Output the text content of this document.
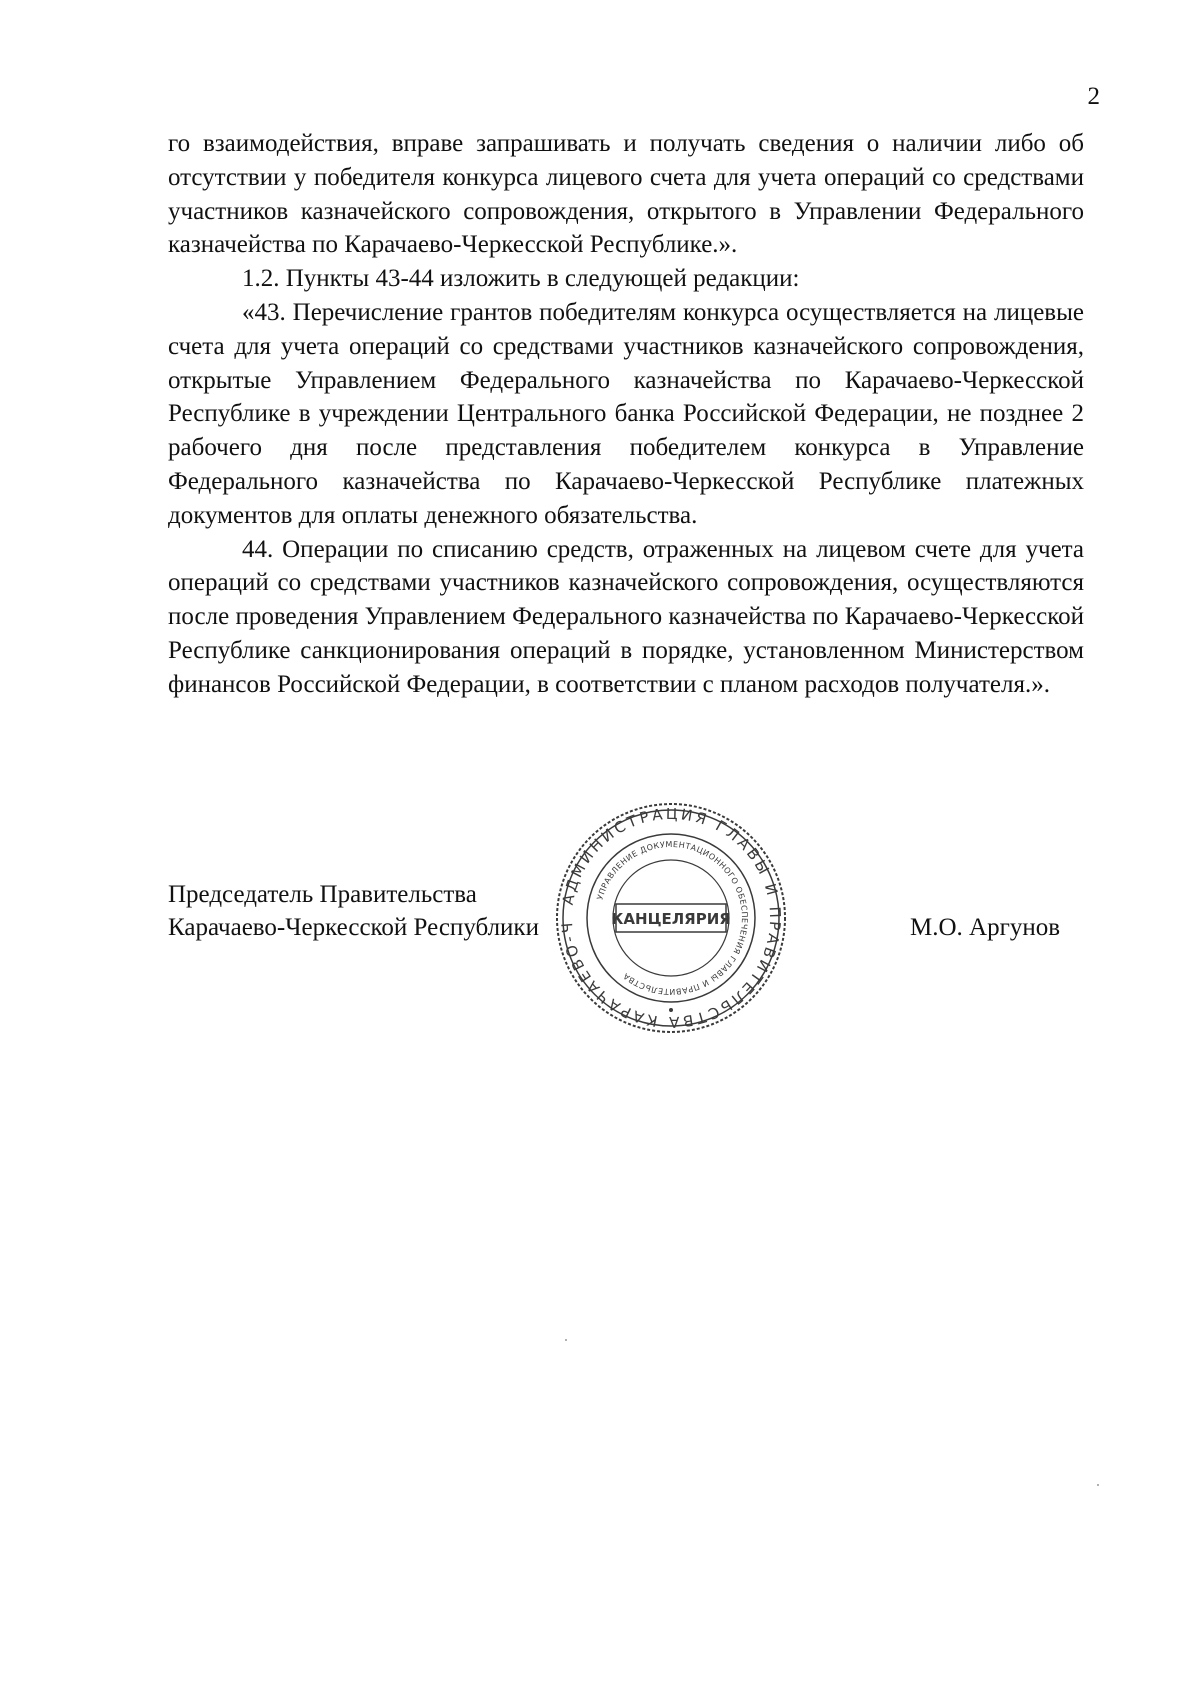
2

го взаимодействия, вправе запрашивать и получать сведения о наличии либо об отсутствии у победителя конкурса лицевого счета для учета операций со средствами участников казначейского сопровождения, открытого в Управлении Федерального казначейства по Карачаево-Черкесской Республике.».

1.2. Пункты 43-44 изложить в следующей редакции:

«43. Перечисление грантов победителям конкурса осуществляется на лицевые счета для учета операций со средствами участников казначейского сопровождения, открытые Управлением Федерального казначейства по Карачаево-Черкесской Республике в учреждении Центрального банка Российской Федерации, не позднее 2 рабочего дня после представления победителем конкурса в Управление Федерального казначейства по Карачаево-Черкесской Республике платежных документов для оплаты денежного обязательства.

44. Операции по списанию средств, отраженных на лицевом счете для учета операций со средствами участников казначейского сопровождения, осуществляются после проведения Управлением Федерального казначейства по Карачаево-Черкесской Республике санкционирования операций в порядке, установленном Министерством финансов Российской Федерации, в соответствии с планом расходов получателя.».

Председатель Правительства
Карачаево-Черкесской Республики	М.О. Аргунов
АДМИНИСТРАЦИЯ ГЛАВЫ И ПРАВИТЕЛЬСТВА КАРАЧАЕВО-Ч
УПРАВЛЕНИЕ ДОКУМЕНТАЦИОННОГО ОБЕСПЕЧЕНИЯ ГЛАВЫ И ПРАВИТЕЛЬСТВА
КАНЦЕЛЯРИЯ
